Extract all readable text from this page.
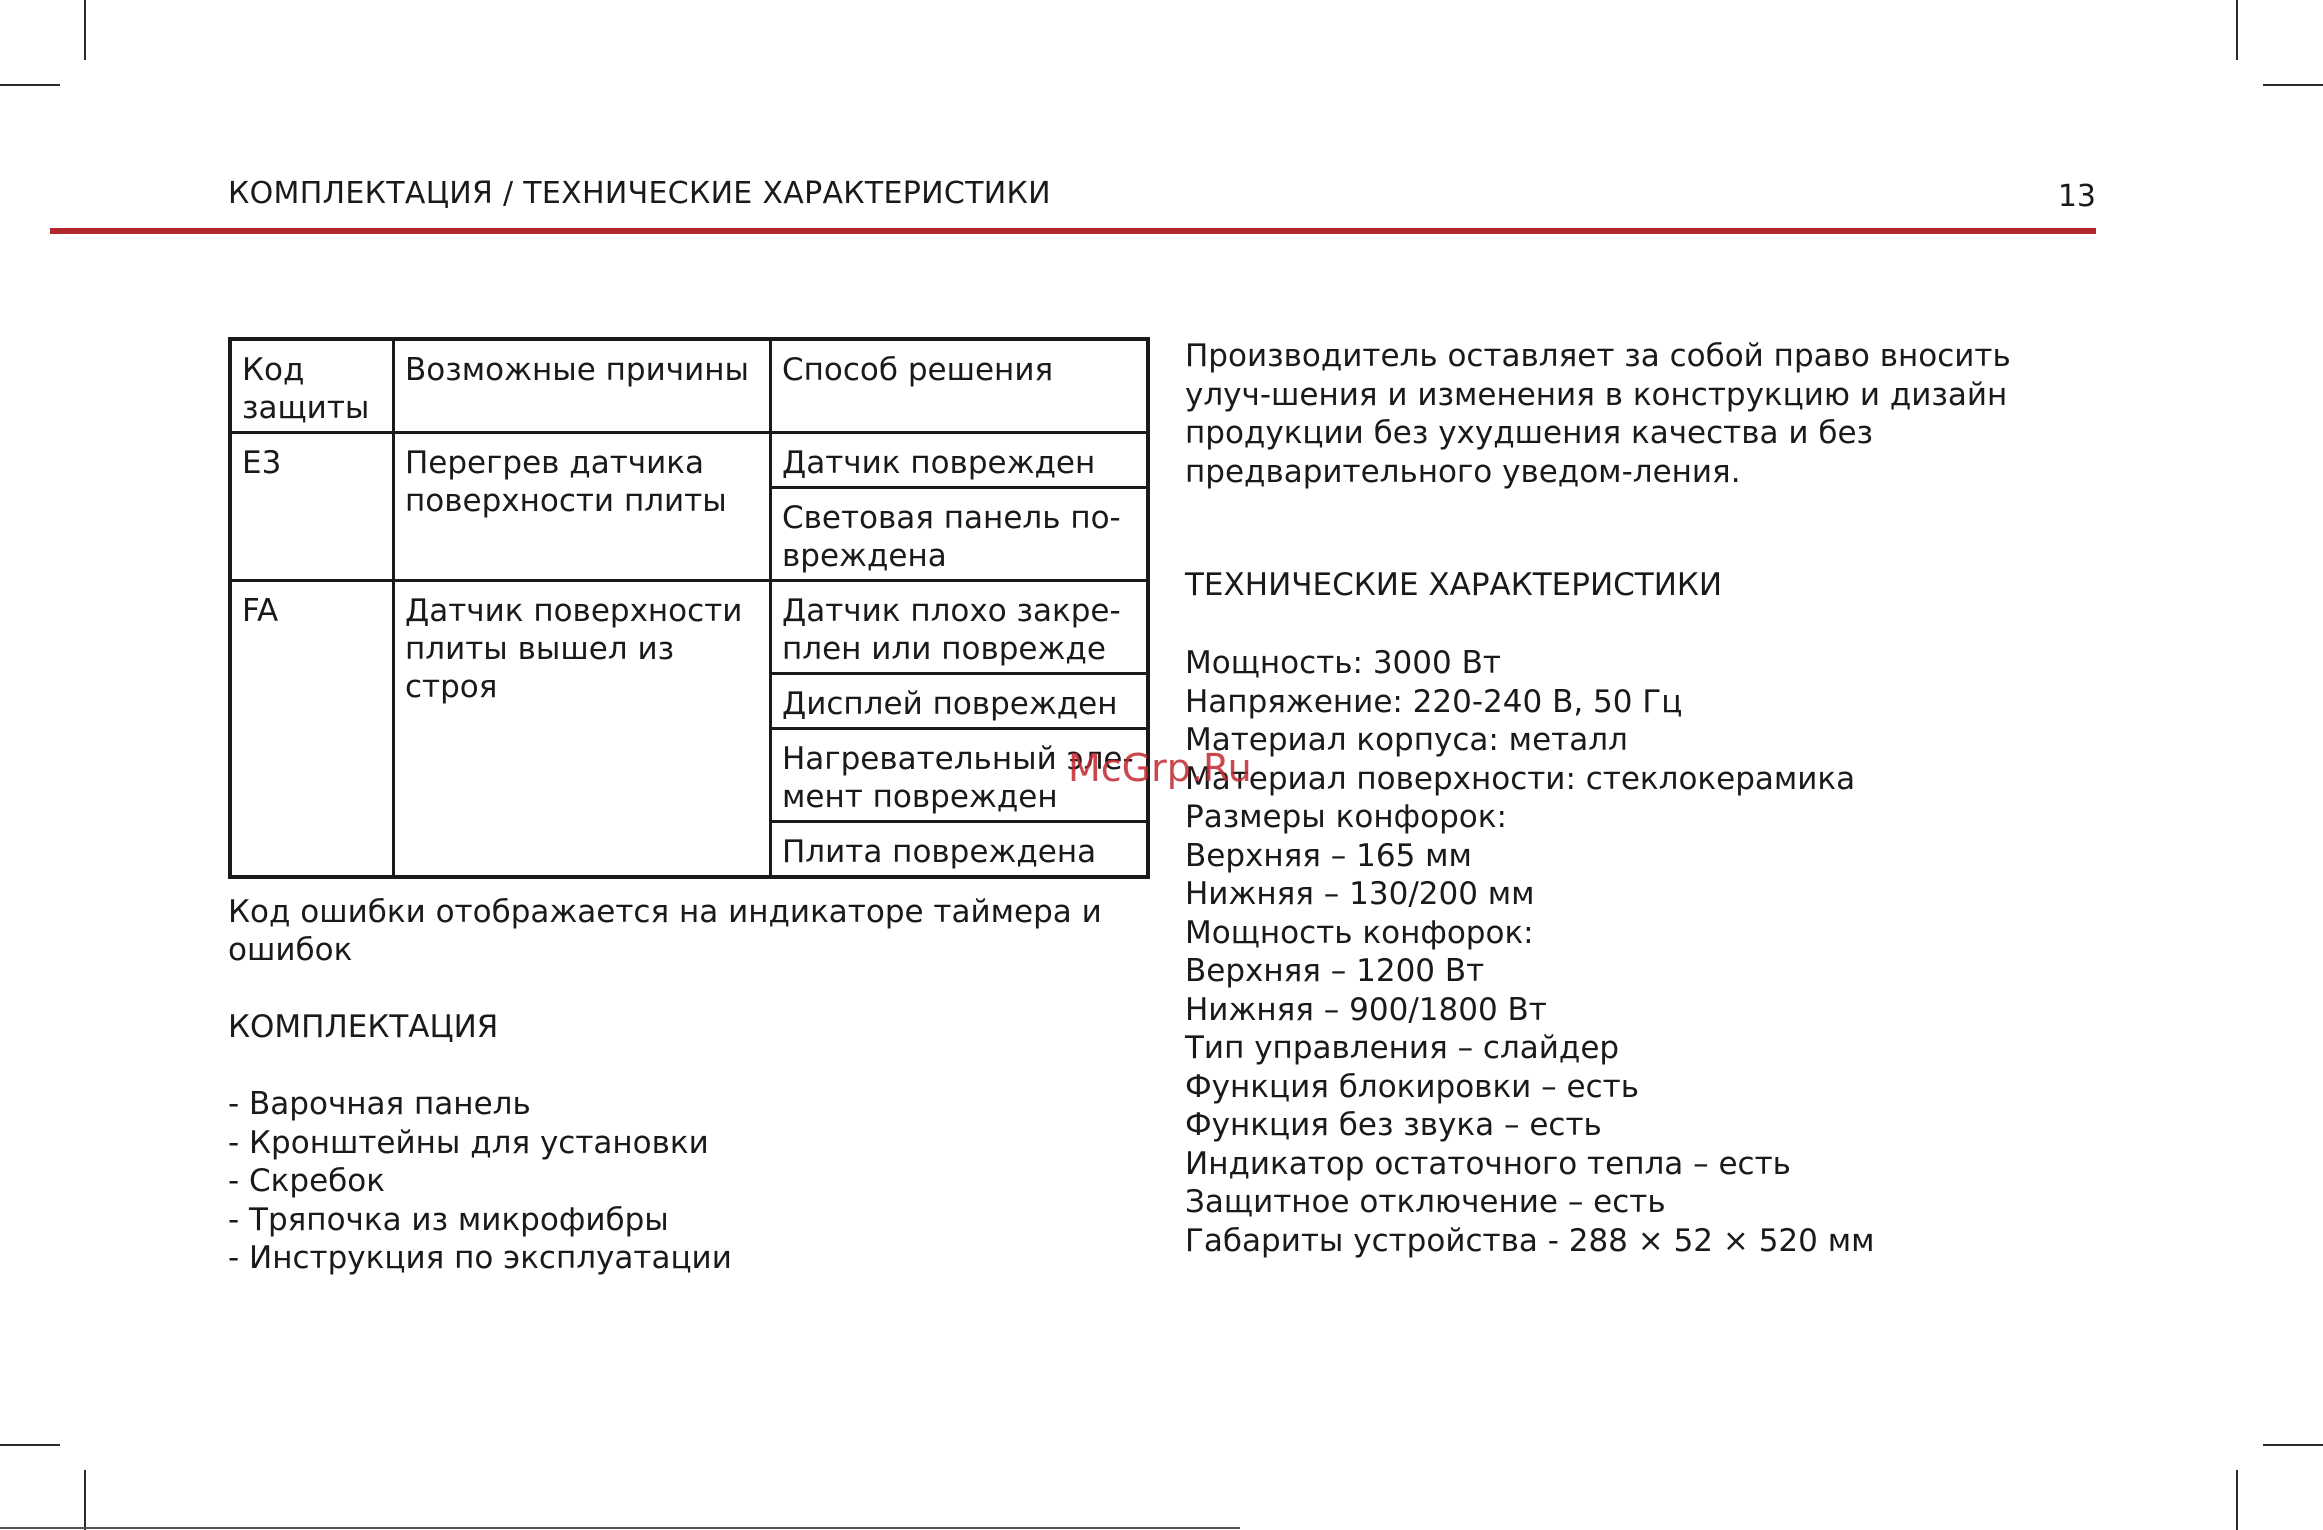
КОМПЛЕКТАЦИЯ / ТЕХНИЧЕСКИЕ ХАРАКТЕРИСТИКИ	13
Код защиты	Возможные причины	Способ решения
E3	Перегрев датчика поверхности плиты	Датчик поврежден
		Световая панель по-вреждена
FA	Датчик поверхности плиты вышел из строя	Датчик плохо закре-плен или поврежде
		Дисплей поврежден
		Нагревательный эле-мент поврежден
		Плита повреждена
Код ошибки отображается на индикаторе таймера и ошибок
КОМПЛЕКТАЦИЯ
- Варочная панель
- Кронштейны для установки
- Скребок
- Тряпочка из микрофибры
- Инструкция по эксплуатации
Производитель оставляет за собой право вносить улуч-шения и изменения в конструкцию и дизайн продукции без ухудшения качества и без предварительного уведом-ления.
ТЕХНИЧЕСКИЕ ХАРАКТЕРИСТИКИ
Мощность: 3000 Вт
Напряжение: 220-240 В, 50 Гц
Материал корпуса: металл
Материал поверхности: стеклокерамика
Размеры конфорок:
Верхняя – 165 мм
Нижняя – 130/200 мм
Мощность конфорок:
Верхняя – 1200 Вт
Нижняя – 900/1800 Вт
Тип управления – слайдер
Функция блокировки – есть
Функция без звука – есть
Индикатор остаточного тепла – есть
Защитное отключение – есть
Габариты устройства - 288 × 52 × 520 мм
McGrp.Ru
